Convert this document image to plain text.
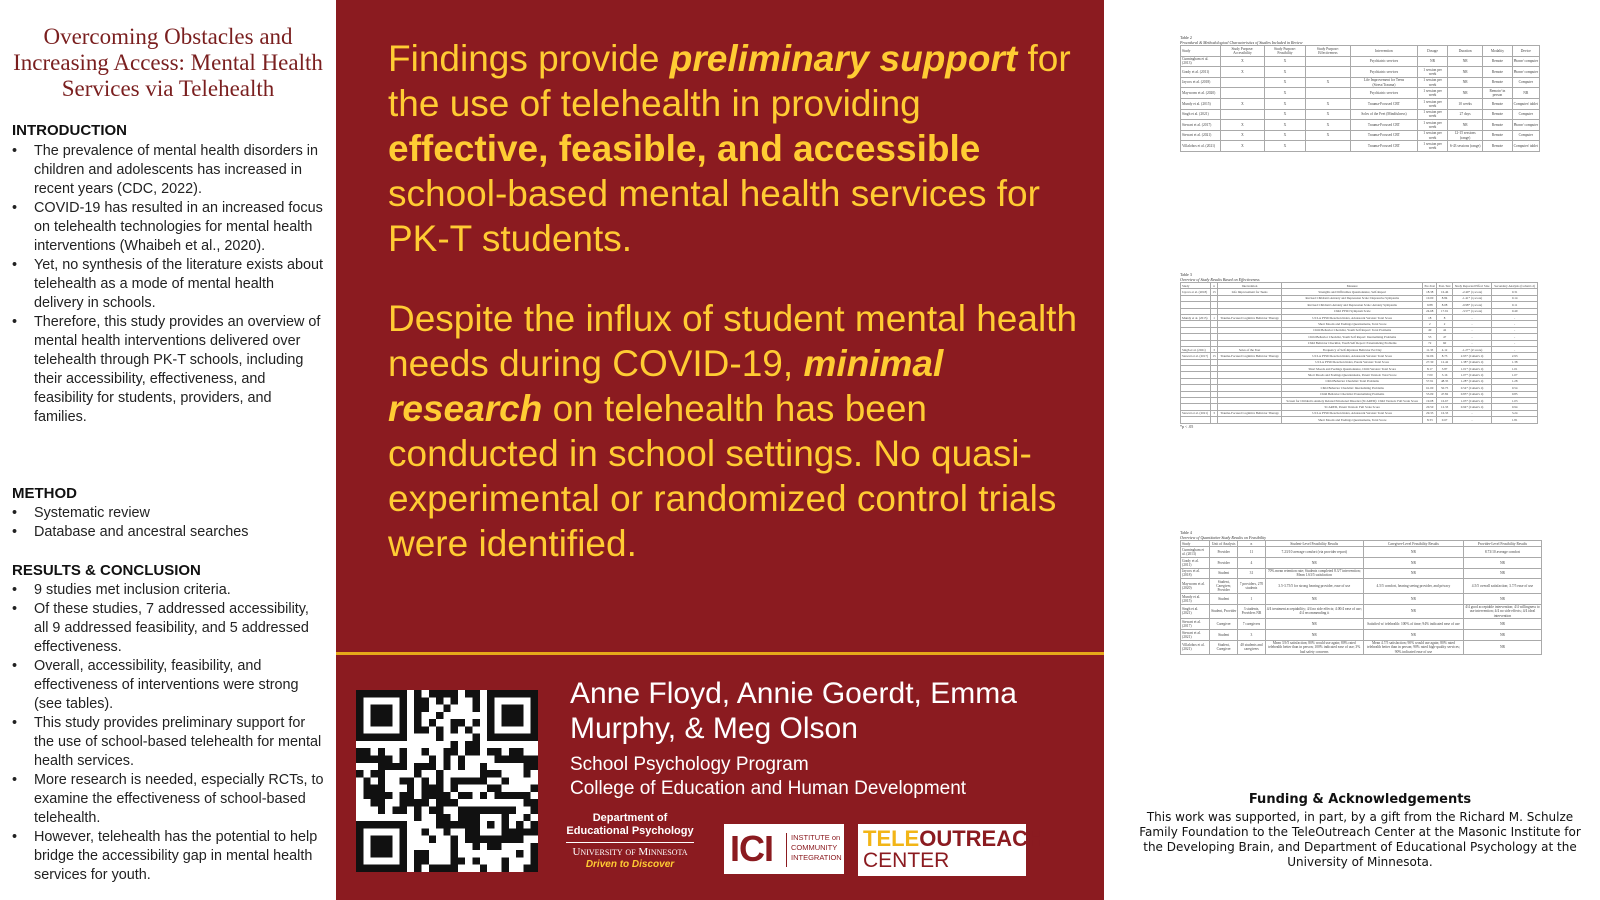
Overcoming Obstacles and Increasing Access: Mental Health Services via Telehealth
INTRODUCTION
• The prevalence of mental health disorders in children and adolescents has increased in recent years (CDC, 2022).
• COVID-19 has resulted in an increased focus on telehealth technologies for mental health interventions (Whaibeh et al., 2020).
• Yet, no synthesis of the literature exists about telehealth as a mode of mental health delivery in schools.
• Therefore, this study provides an overview of mental health interventions delivered over telehealth through PK-T schools, including their accessibility, effectiveness, and feasibility for students, providers, and families.
METHOD
• Systematic review
• Database and ancestral searches
RESULTS & CONCLUSION
• 9 studies met inclusion criteria.
• Of these studies, 7 addressed accessibility, all 9 addressed feasibility, and 5 addressed effectiveness.
• Overall, accessibility, feasibility, and effectiveness of interventions were strong (see tables).
• This study provides preliminary support for the use of school-based telehealth for mental health services.
• More research is needed, especially RCTs, to examine the effectiveness of school-based telehealth.
• However, telehealth has the potential to help bridge the accessibility gap in mental health services for youth.

Findings provide preliminary support for the use of telehealth in providing effective, feasible, and accessible school-based mental health services for PK-T students.

Despite the influx of student mental health needs during COVID-19, minimal research on telehealth has been conducted in school settings. No quasi-experimental or randomized control trials were identified.

Anne Floyd, Annie Goerdt, Emma Murphy, & Meg Olson

School Psychology Program

College of Education and Human Development

Department of
Educational Psychology
University of Minnesota
Driven to Discover	ICI INSTITUTE on
COMMUNITY
INTEGRATION
TELEOUTREACH
CENTER
Table 2
Procedural & Methodological Characteristics of Studies Included in Review
Study	Study Purpose: Accessibility	Study Purpose: Feasibility	Study Purpose: Effectiveness	Intervention	Dosage	Duration	Modality	Device
Cunningham et al. (2013)	X	X		Psychiatric services	NR	NR	Remote	Phone/ computer
Grady et al. (2011)	X	X		Psychiatric services	1 session per week	NR	Remote	Phone/ computer
Jaycox et al. (2018)		X	X	Life Improvement for Teens (Stress/Trauma)	1 session per week	NR	Remote	Computer
Mayworm et al. (2020)		X		Psychiatric services	1 session per week	NR	Remote/ in person	NR
Mundy et al. (2015)	X	X	X	Trauma-Focused CBT	1 session per week	10 weeks	Remote	Computer/ tablet
Singh et al. (2021)		X	X	Soles of the Feet (Mindfulness)	1 session per week	27 days	Remote	Computer
Stewart et al. (2017)	X	X	X	Trauma-Focused CBT	1 session per week	NR	Remote	Phone/ computer
Stewart et al. (2021)	X	X	X	Trauma-Focused CBT	1 session per week	12-15 sessions (range)	Remote	Computer
Villalobos et al. (2021)	X	X		Trauma-Focused CBT	1 session per week	6-43 sessions (range)	Remote	Computer/ tablet
Table 3
Overview of Study Results Based on Effectiveness
Study	n	Intervention	Measure	Pre-Test	Post-Test	Study Reported Effect Size	Secondary Analysis (Cohen's d)
Jaycox et al. (2018)	15	Life Improvement for Teens	Strengths and Difficulties Questionnaire, Self-Report	18.38	16.46	-2.40* (η score)	0.31
			Revised Children's Anxiety and Depression Scale: Depressive Symptoms	10.00	8.84	-1.41* (η score)	0.14
			Revised Children's Anxiety and Depression Scale: Anxiety Symptoms	9.88	8.08	-0.98* (η score)	0.11
			Child PTSD Symptom Scale	24.68	17.91	-3.57* (η score)	0.49
Mundy et al. (2015)	1	Trauma-Focused Cognitive Behavior Therapy	UCLA PTSD Reaction Index, Adolescent Version: Total Score	18	8	-	-
			Short Moods and Feelings Questionnaire, Total Score	2	2	-	-
			Child Behavior Checklist, Youth Self Report: Total Problems	49	42	-	-
			Child Behavior Checklist, Youth Self Report: Internalizing Problems	53	47	-	-
			Child Behavior Checklist, Youth Self Report: Externalizing Problems	72	60	-	-
Singh et al. (2021)	3	Soles of the Feet	Frequency of Self-Injurious Behavior Per Day	11.33	4.12	-1.27* (Z score)	-
Stewart et al. (2017)	15	Trauma-Focused Cognitive Behavior Therapy	UCLA PTSD Reaction Index, Adolescent Version: Total Score	32.06	8.73	2.93* (Cohen's d)	2.93
			UCLA PTSD Reaction Index, Parent Version: Total Score	27.30	12.42	1.38* (Cohen's d)	1.38
			Short Moods and Feelings Questionnaire, Child Version: Total Score	8.17	3.87	1.01* (Cohen's d)	1.01
			Short Moods and Feelings Questionnaire, Parent Version: Total Score	7.00	3.16	1.07* (Cohen's d)	1.07
			Child Behavior Checklist: Total Problems	57.91	48.35	1.28* (Cohen's d)	1.28
			Child Behavior Checklist: Internalizing Problems	61.00	50.75	0.54* (Cohen's d)	0.54
			Child Behavior Checklist: Externalizing Problems	53.09	47.82	0.85* (Cohen's d)	0.85
			Screen for Children's Anxiety Related Emotional Disorder (SCARED): Child Version: Full Scale Score	19.08	16.67	1.03* (Cohen's d)	1.03
			SCARED, Parent Version: Full Scale Score	20.50	12.33	0.94* (Cohen's d)	0.94
Stewart et al. (2021)	3	Trauma-Focused Cognitive Behavior Therapy	UCLA PTSD Reaction Index, Adolescent Version: Total Score	29.33	16.33	-	3.24
			Short Moods and Feelings Questionnaire, Total Score	8.33	0.67	-	1.81
*p < .05
Table 4
Overview of Quantitative Study Results on Feasibility
Study	Unit of Analysis	n	Student-Level Feasibility Results	Caregiver-Level Feasibility Results	Provider-Level Feasibility Results
Cunningham et al. (2013)	Provider	11	7.23/10 average comfort (via provider report)	NR	8.73/10 average comfort
Grady et al. (2011)	Provider	4	NR	NR	NR
Jaycox et al. (2018)	Student	31	70% mean retention rate; Students completed 8.3/7 intervention; Mean 1.63/5 satisfaction	NR	NR
Mayworm et al. (2020)	Student, Caregiver, Provider	7 providers, 270 students	3.5-3.75/5 for strong hearing provider, ease of use	4.5/5 comfort, hearing seeing provider, and privacy	4.5/5 overall satisfaction; 3.7/5 ease of use
Mundy et al. (2015)	Student	1	NR	NR	NR
Singh et al. (2021)	Student, Provider	3 students, Providers NR	4/4 treatment acceptability; 4/4 no side effects; 4.00/4 ease of use; 4/4 recommending it	NR	4/4 good acceptable intervention; 4/4 willingness to use intervention; 4/4 no side effects; 4/4 ideal intervention
Stewart et al. (2017)	Caregiver	7 caregivers	NR	Satisfied w/ telehealth: 100% of time; 94% indicated ease of use	NR
Stewart et al. (2021)	Student	3	NR	NR	NR
Villalobos et al. (2021)	Student, Caregiver	40 students and caregivers	Mean 3.9/5 satisfaction; 80% would use again; 80% rated telehealth better than in person; 100% indicated ease of use; 3% had safety concerns	Mean 4.7/5 satisfaction; 90% would use again; 80% rated telehealth better than in person; 90% rated high-quality services; 90% indicated ease of use	NR
Funding & Acknowledgements

This work was supported, in part, by a gift from the Richard M. Schulze Family Foundation to the TeleOutreach Center at the Masonic Institute for the Developing Brain, and Department of Educational Psychology at the University of Minnesota.
